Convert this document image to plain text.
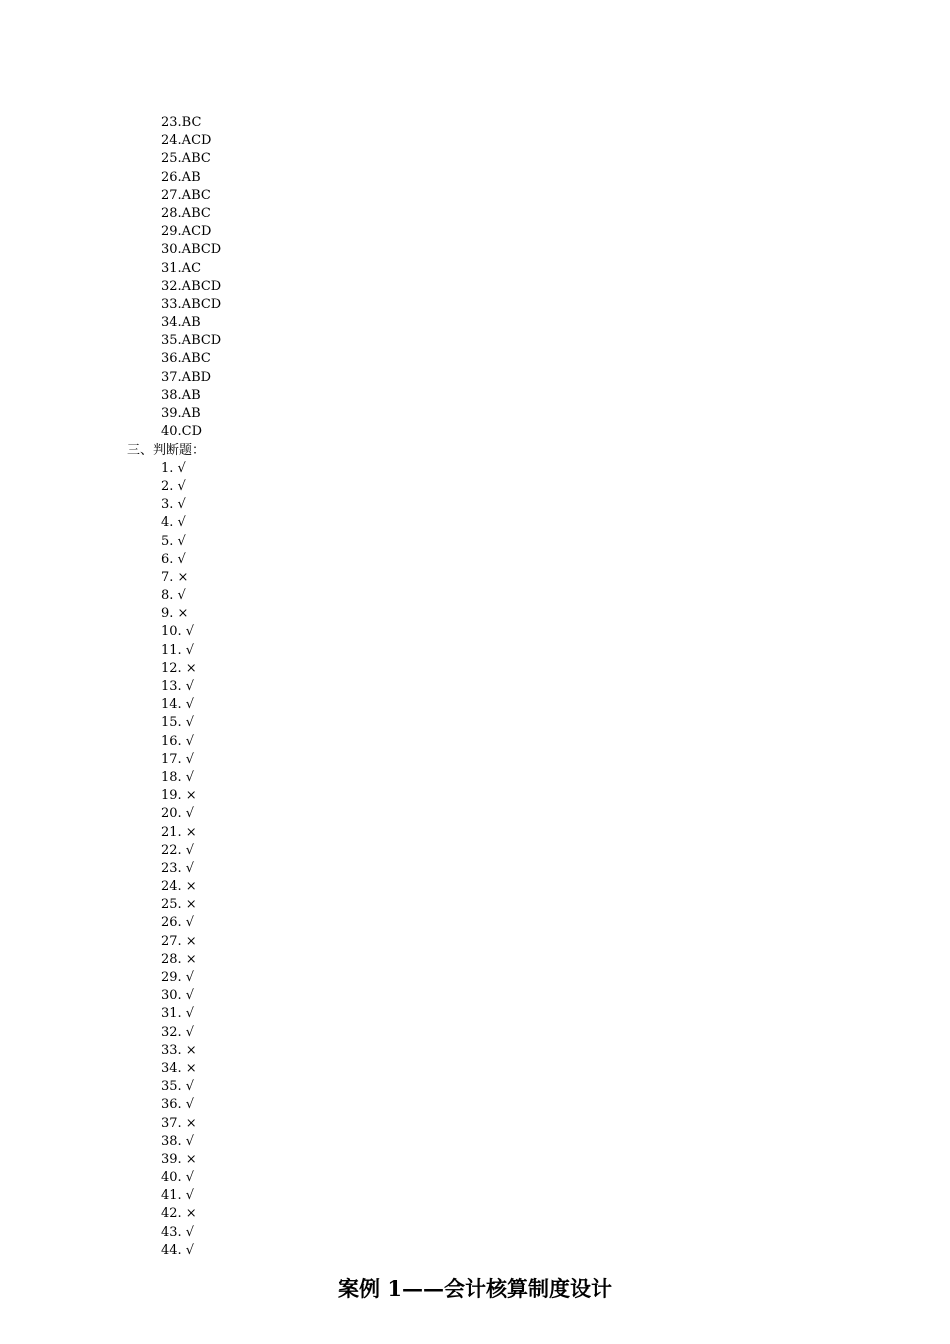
23.BC
24.ACD
25.ABC
26.AB
27.ABC
28.ABC
29.ACD
30.ABCD
31.AC
32.ABCD
33.ABCD
34.AB
35.ABCD
36.ABC
37.ABD
38.AB
39.AB
40.CD
三、判断题：
1. √
2. √
3. √
4. √
5. √
6. √
7. ×
8. √
9. ×
10. √
11. √
12. ×
13. √
14. √
15. √
16. √
17. √
18. √
19. ×
20. √
21. ×
22. √
23. √
24. ×
25. ×
26. √
27. ×
28. ×
29. √
30. √
31. √
32. √
33. ×
34. ×
35. √
36. √
37. ×
38. √
39. ×
40. √
41. √
42. ×
43. √
44. √
案例 1——会计核算制度设计
